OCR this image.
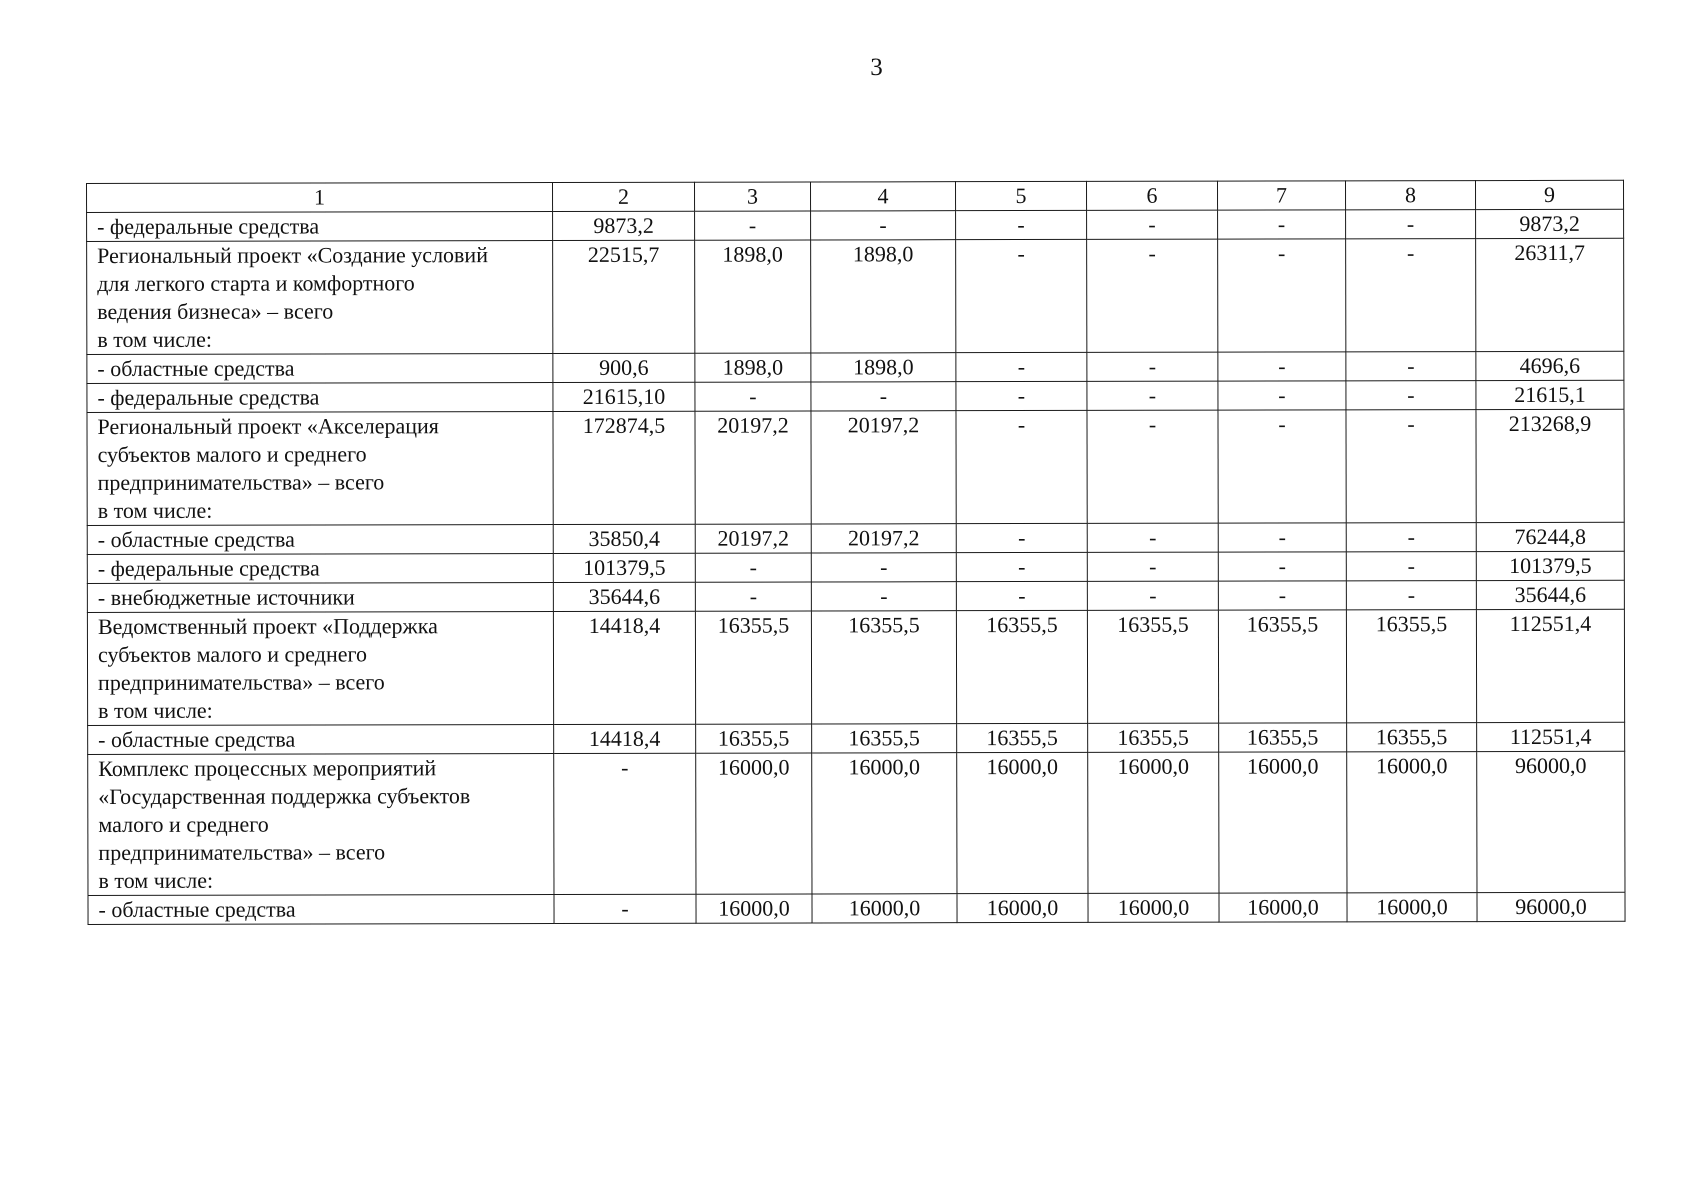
3
1	2	3	4	5	6	7	8	9
- федеральные средства	9873,2	-	-	-	-	-	-	9873,2
Региональный проект «Создание условий
для легкого старта и комфортного
ведения бизнеса» – всего
в том числе:	22515,7	1898,0	1898,0	-	-	-	-	26311,7
- областные средства	900,6	1898,0	1898,0	-	-	-	-	4696,6
- федеральные средства	21615,10	-	-	-	-	-	-	21615,1
Региональный проект «Акселерация
субъектов малого и среднего
предпринимательства» – всего
в том числе:	172874,5	20197,2	20197,2	-	-	-	-	213268,9
- областные средства	35850,4	20197,2	20197,2	-	-	-	-	76244,8
- федеральные средства	101379,5	-	-	-	-	-	-	101379,5
- внебюджетные источники	35644,6	-	-	-	-	-	-	35644,6
Ведомственный проект «Поддержка
субъектов малого и среднего
предпринимательства» – всего
в том числе:	14418,4	16355,5	16355,5	16355,5	16355,5	16355,5	16355,5	112551,4
- областные средства	14418,4	16355,5	16355,5	16355,5	16355,5	16355,5	16355,5	112551,4
Комплекс процессных мероприятий
«Государственная поддержка субъектов
малого и среднего
предпринимательства» – всего
в том числе:	-	16000,0	16000,0	16000,0	16000,0	16000,0	16000,0	96000,0
- областные средства	-	16000,0	16000,0	16000,0	16000,0	16000,0	16000,0	96000,0
